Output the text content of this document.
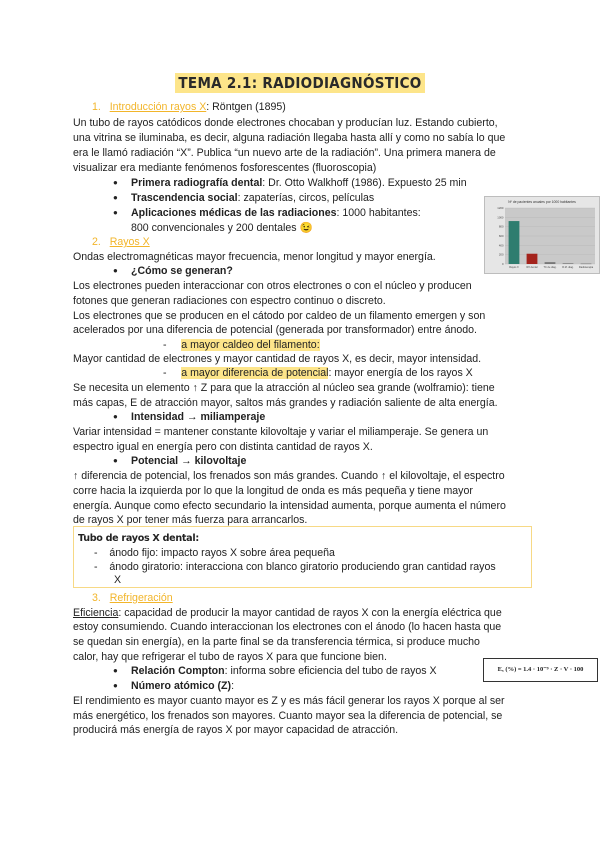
TEMA 2.1: RADIODIAGNÓSTICO
1. Introducción rayos X: Röntgen (1895)
Un tubo de rayos catódicos donde electrones chocaban y producían luz. Estando cubierto,
una vitrina se iluminaba, es decir, alguna radiación llegaba hasta allí y como no sabía lo que
era le llamó radiación “X”. Publica “un nuevo arte de la radiación”. Una primera manera de
visualizar era mediante fenómenos fosforescentes (fluoroscopia)
● Primera radiografía dental: Dr. Otto Walkhoff (1986). Expuesto 25 min
● Trascendencia social: zapaterías, circos, películas
● Aplicaciones médicas de las radiaciones: 1000 habitantes:
800 convencionales y 200 dentales 😉
Nº de pacientes anuales por 1000 habitantes
1200
1000
800
600
400
200
0
Rayos X	RX dental TC de diag. R.M. diag. Radioterapia
2. Rayos X
Ondas electromagnéticas mayor frecuencia, menor longitud y mayor energía.
● ¿Cómo se generan?
Los electrones pueden interaccionar con otros electrones o con el núcleo y producen
fotones que generan radiaciones con espectro continuo o discreto.
Los electrones que se producen en el cátodo por caldeo de un filamento emergen y son
acelerados por una diferencia de potencial (generada por transformador) entre ánodo.
-     a mayor caldeo del filamento:
Mayor cantidad de electrones y mayor cantidad de rayos X, es decir, mayor intensidad.
-     a mayor diferencia de potencial: mayor energía de los rayos X
Se necesita un elemento ↑ Z para que la atracción al núcleo sea grande (wolframio): tiene
más capas, E de atracción mayor, saltos más grandes y radiación saliente de alta energía.
● Intensidad → miliamperaje
Variar intensidad = mantener constante kilovoltaje y variar el miliamperaje. Se genera un
espectro igual en energía pero con distinta cantidad de rayos X.
● Potencial → kilovoltaje
↑ diferencia de potencial, los frenados son más grandes. Cuando ↑ el kilovoltaje, el espectro
corre hacia la izquierda por lo que la longitud de onda es más pequeña y tiene mayor
energía. Aunque como efecto secundario la intensidad aumenta, porque aumenta el número
de rayos X por tener más fuerza para arrancarlos.
Tubo de rayos X dental:
-    ánodo fijo: impacto rayos X sobre área pequeña
-    ánodo giratorio: interacciona con blanco giratorio produciendo gran cantidad rayos
X
3. Refrigeración
Eficiencia: capacidad de producir la mayor cantidad de rayos X con la energía eléctrica que
estoy consumiendo. Cuando interaccionan los electrones con el ánodo (lo hacen hasta que
se quedan sin energía), en la parte final se da transferencia térmica, si produce mucho
calor, hay que refrigerar el tubo de rayos X para que funcione bien.
● Relación Compton: informa sobre eficiencia del tubo de rayos X
● Número atómico (Z):
El rendimiento es mayor cuanto mayor es Z y es más fácil generar los rayos X porque al ser
más energético, los frenados son mayores. Cuanto mayor sea la diferencia de potencial, se
producirá más energía de rayos X por mayor capacidad de atracción.
Eₓ (%) = 1.4 · 10⁻⁹ · Z · V · 100
